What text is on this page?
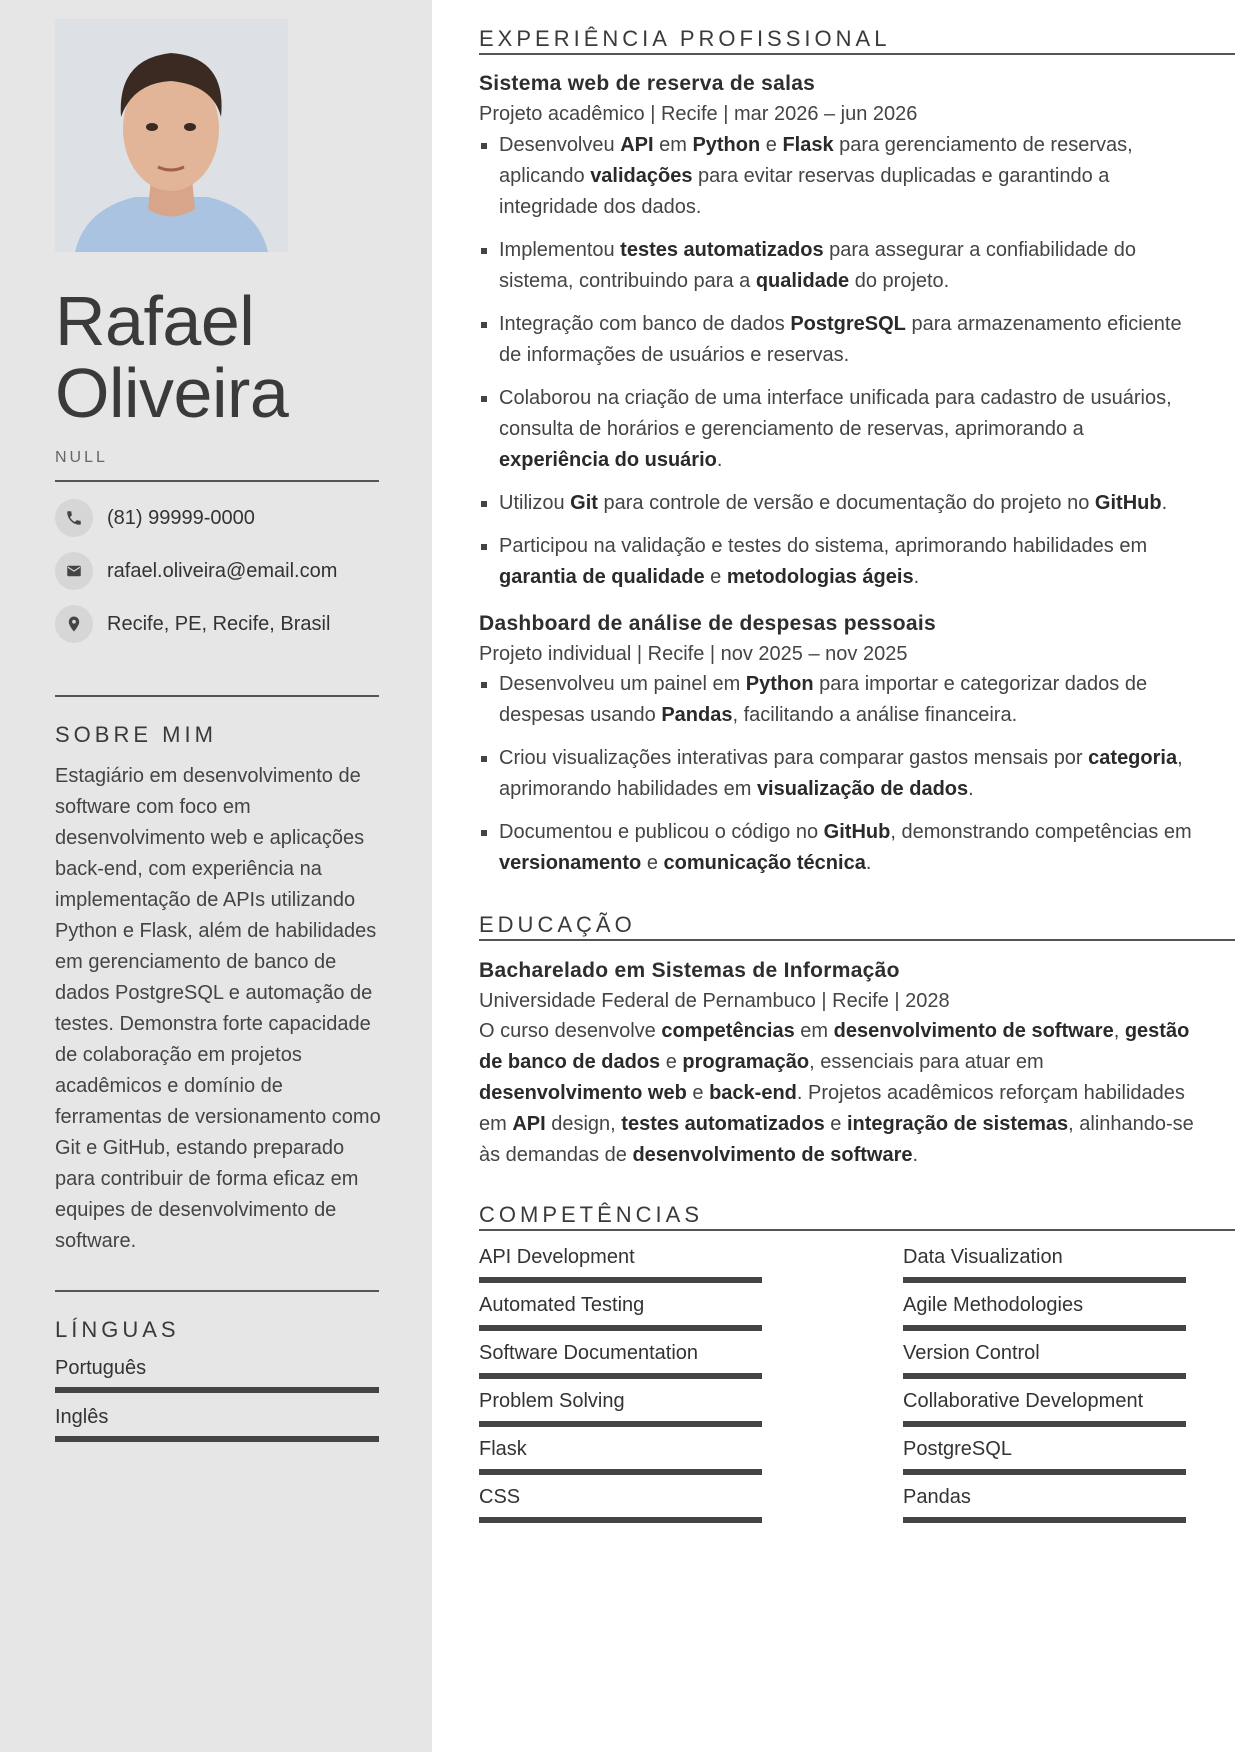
Rafael
Oliveira
NULL
(81) 99999-0000
rafael.oliveira@email.com
Recife, PE, Recife, Brasil
SOBRE MIM
Estagiário em desenvolvimento de software com foco em desenvolvimento web e aplicações back-end, com experiência na implementação de APIs utilizando Python e Flask, além de habilidades em gerenciamento de banco de dados PostgreSQL e automação de testes. Demonstra forte capacidade de colaboração em projetos acadêmicos e domínio de ferramentas de versionamento como Git e GitHub, estando preparado para contribuir de forma eficaz em equipes de desenvolvimento de software.
LÍNGUAS
Português
Inglês
EXPERIÊNCIA PROFISSIONAL
Sistema web de reserva de salas
Projeto acadêmico | Recife | mar 2026 – jun 2026
Desenvolveu API em Python e Flask para gerenciamento de reservas, aplicando validações para evitar reservas duplicadas e garantindo a integridade dos dados.
Implementou testes automatizados para assegurar a confiabilidade do sistema, contribuindo para a qualidade do projeto.
Integração com banco de dados PostgreSQL para armazenamento eficiente de informações de usuários e reservas.
Colaborou na criação de uma interface unificada para cadastro de usuários, consulta de horários e gerenciamento de reservas, aprimorando a experiência do usuário.
Utilizou Git para controle de versão e documentação do projeto no GitHub.
Participou na validação e testes do sistema, aprimorando habilidades em garantia de qualidade e metodologias ágeis.
Dashboard de análise de despesas pessoais
Projeto individual | Recife | nov 2025 – nov 2025
Desenvolveu um painel em Python para importar e categorizar dados de despesas usando Pandas, facilitando a análise financeira.
Criou visualizações interativas para comparar gastos mensais por categoria, aprimorando habilidades em visualização de dados.
Documentou e publicou o código no GitHub, demonstrando competências em versionamento e comunicação técnica.
EDUCAÇÃO
Bacharelado em Sistemas de Informação
Universidade Federal de Pernambuco | Recife | 2028
O curso desenvolve competências em desenvolvimento de software, gestão de banco de dados e programação, essenciais para atuar em desenvolvimento web e back-end. Projetos acadêmicos reforçam habilidades em API design, testes automatizados e integração de sistemas, alinhando-se às demandas de desenvolvimento de software.
COMPETÊNCIAS
API Development
Automated Testing
Software Documentation
Problem Solving
Flask
CSS
Data Visualization
Agile Methodologies
Version Control
Collaborative Development
PostgreSQL
Pandas
